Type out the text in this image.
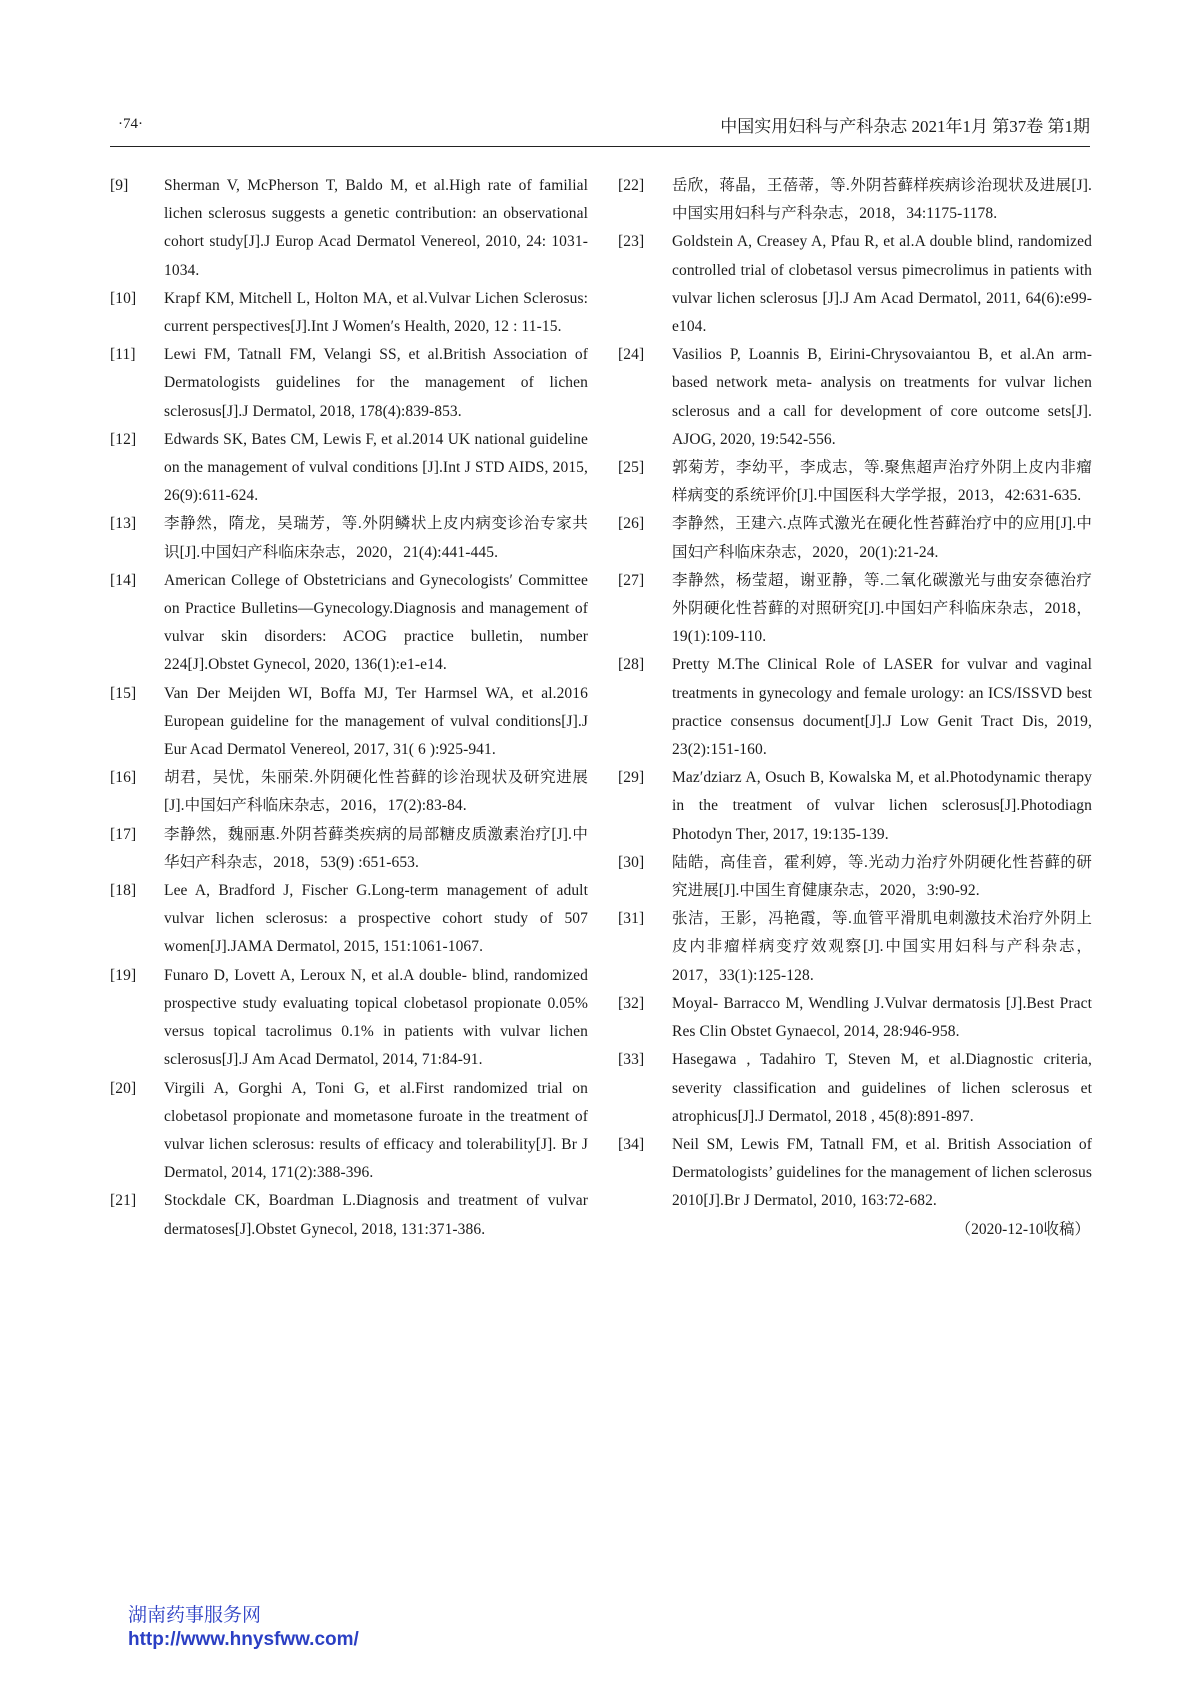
·74·	中国实用妇科与产科杂志 2021年1月 第37卷 第1期
[9] Sherman V, McPherson T, Baldo M, et al.High rate of familial lichen sclerosus suggests a genetic contribution: an observational cohort study[J].J Europ Acad Dermatol Venereol, 2010, 24: 1031-1034.
[10] Krapf KM, Mitchell L, Holton MA, et al.Vulvar Lichen Sclerosus: current perspectives[J].Int J Women′s Health, 2020, 12 : 11-15.
[11] Lewi FM, Tatnall FM, Velangi SS, et al.British Association of Dermatologists guidelines for the management of lichen sclerosus[J].J Dermatol, 2018, 178(4):839-853.
[12] Edwards SK, Bates CM, Lewis F, et al.2014 UK national guideline on the management of vulval conditions [J].Int J STD AIDS, 2015, 26(9):611-624.
[13] 李静然，隋龙，吴瑞芳，等.外阴鳞状上皮内病变诊治专家共识[J].中国妇产科临床杂志，2020，21(4):441-445.
[14] American College of Obstetricians and Gynecologists′ Committee on Practice Bulletins—Gynecology.Diagnosis and management of vulvar skin disorders: ACOG practice bulletin, number 224[J].Obstet Gynecol, 2020, 136(1):e1-e14.
[15] Van Der Meijden WI, Boffa MJ, Ter Harmsel WA, et al.2016 European guideline for the management of vulval conditions[J].J Eur Acad Dermatol Venereol, 2017, 31( 6 ):925-941.
[16] 胡君，吴忧，朱丽荣.外阴硬化性苔藓的诊治现状及研究进展[J].中国妇产科临床杂志，2016，17(2):83-84.
[17] 李静然，魏丽惠.外阴苔藓类疾病的局部糖皮质激素治疗[J].中华妇产科杂志，2018，53(9) :651-653.
[18] Lee A, Bradford J, Fischer G.Long-term management of adult vulvar lichen sclerosus: a prospective cohort study of 507 women[J].JAMA Dermatol, 2015, 151:1061-1067.
[19] Funaro D, Lovett A, Leroux N, et al.A double- blind, randomized prospective study evaluating topical clobetasol propionate 0.05% versus topical tacrolimus 0.1% in patients with vulvar lichen sclerosus[J].J Am Acad Dermatol, 2014, 71:84-91.
[20] Virgili A, Gorghi A, Toni G, et al.First randomized trial on clobetasol propionate and mometasone furoate in the treatment of vulvar lichen sclerosus: results of efficacy and tolerability[J]. Br J Dermatol, 2014, 171(2):388-396.
[21] Stockdale CK, Boardman L.Diagnosis and treatment of vulvar dermatoses[J].Obstet Gynecol, 2018, 131:371-386.
[22] 岳欣，蒋晶，王蓓蒂，等.外阴苔藓样疾病诊治现状及进展[J].中国实用妇科与产科杂志，2018，34:1175-1178.
[23] Goldstein A, Creasey A, Pfau R, et al.A double blind, randomized controlled trial of clobetasol versus pimecrolimus in patients with vulvar lichen sclerosus [J].J Am Acad Dermatol, 2011, 64(6):e99-e104.
[24] Vasilios P, Loannis B, Eirini-Chrysovaiantou B, et al.An arm-based network meta- analysis on treatments for vulvar lichen sclerosus and a call for development of core outcome sets[J]. AJOG, 2020, 19:542-556.
[25] 郭菊芳，李幼平，李成志，等.聚焦超声治疗外阴上皮内非瘤样病变的系统评价[J].中国医科大学学报，2013，42:631-635.
[26] 李静然，王建六.点阵式激光在硬化性苔藓治疗中的应用[J].中国妇产科临床杂志，2020，20(1):21-24.
[27] 李静然，杨莹超，谢亚静，等.二氧化碳激光与曲安奈德治疗外阴硬化性苔藓的对照研究[J].中国妇产科临床杂志，2018，19(1):109-110.
[28] Pretty M.The Clinical Role of LASER for vulvar and vaginal treatments in gynecology and female urology: an ICS/ISSVD best practice consensus document[J].J Low Genit Tract Dis, 2019, 23(2):151-160.
[29] Maz′dziarz A, Osuch B, Kowalska M, et al.Photodynamic therapy in the treatment of vulvar lichen sclerosus[J].Photodiagn Photodyn Ther, 2017, 19:135-139.
[30] 陆皓，高佳音，霍利婷，等.光动力治疗外阴硬化性苔藓的研究进展[J].中国生育健康杂志，2020，3:90-92.
[31] 张洁，王影，冯艳霞，等.血管平滑肌电刺激技术治疗外阴上皮内非瘤样病变疗效观察[J].中国实用妇科与产科杂志，2017，33(1):125-128.
[32] Moyal- Barracco M, Wendling J.Vulvar dermatosis [J].Best Pract Res Clin Obstet Gynaecol, 2014, 28:946-958.
[33] Hasegawa , Tadahiro T, Steven M, et al.Diagnostic criteria, severity classification and guidelines of lichen sclerosus et atrophicus[J].J Dermatol, 2018 , 45(8):891-897.
[34] Neil SM, Lewis FM, Tatnall FM, et al. British Association of Dermatologists’ guidelines for the management of lichen sclerosus 2010[J].Br J Dermatol, 2010, 163:72-682.
（2020-12-10收稿）
湖南药事服务网
http://www.hnysfww.com/
